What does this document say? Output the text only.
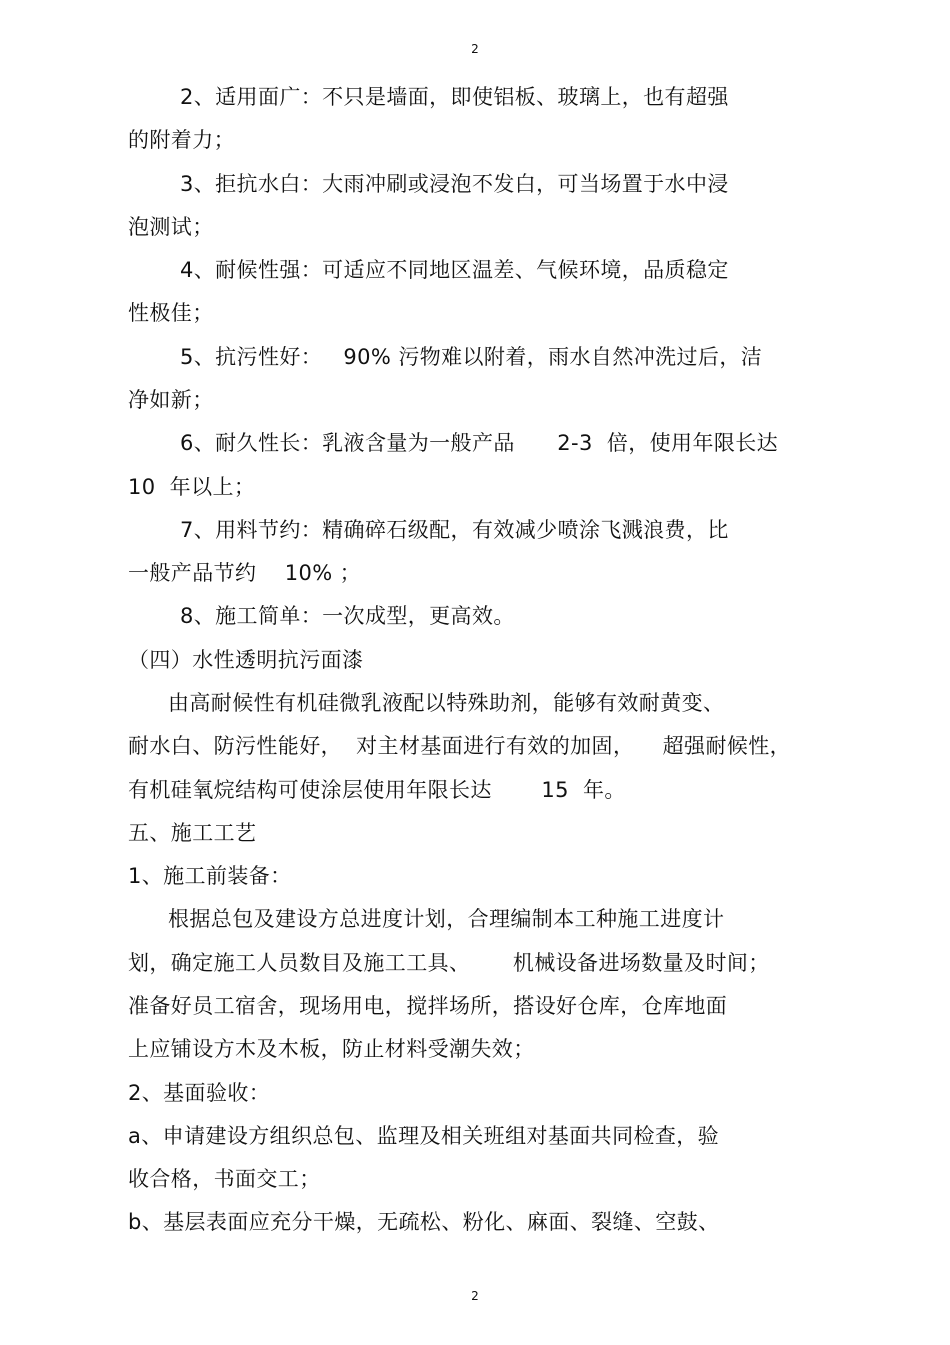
2
2、适用面广：不只是墙面，即使铝板、玻璃上，也有超强
的附着力；
3、拒抗水白：大雨冲刷或浸泡不发白，可当场置于水中浸
泡测试；
4、耐候性强：可适应不同地区温差、气候环境，品质稳定
性极佳；
5、抗污性好：   90% 污物难以附着，雨水自然冲洗过后，洁
净如新；
6、耐久性长：乳液含量为一般产品      2-3  倍，使用年限长达
10  年以上；
7、用料节约：精确碎石级配，有效减少喷涂飞溅浪费，比
一般产品节约    10% ；
8、施工简单：一次成型，更高效。
（四）水性透明抗污面漆
由高耐候性有机硅微乳液配以特殊助剂，能够有效耐黄变、
耐水白、防污性能好，  对主材基面进行有效的加固，    超强耐候性，
有机硅氧烷结构可使涂层使用年限长达       15  年。
五、施工工艺
1、施工前装备：
根据总包及建设方总进度计划，合理编制本工种施工进度计
划，确定施工人员数目及施工工具、      机械设备进场数量及时间；
准备好员工宿舍，现场用电，搅拌场所，搭设好仓库，仓库地面
上应铺设方木及木板，防止材料受潮失效；
2、基面验收：
a、申请建设方组织总包、监理及相关班组对基面共同检查，验
收合格，书面交工；
b、基层表面应充分干燥，无疏松、粉化、麻面、裂缝、空鼓、
2
